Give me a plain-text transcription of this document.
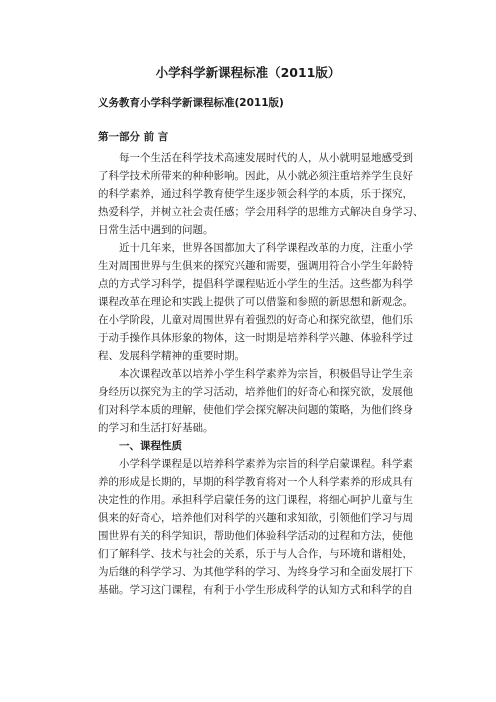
小学科学新课程标准（2011版）
义务教育小学科学新课程标准(2011版)
第一部分 前 言
每一个生活在科学技术高速发展时代的人，从小就明显地感受到
了科学技术所带来的种种影响。因此，从小就必须注重培养学生良好
的科学素养，通过科学教育使学生逐步领会科学的本质，乐于探究，
热爱科学，并树立社会责任感；学会用科学的思维方式解决自身学习、
日常生活中遇到的问题。
近十几年来，世界各国都加大了科学课程改革的力度，注重小学
生对周围世界与生俱来的探究兴趣和需要，强调用符合小学生年龄特
点的方式学习科学，提倡科学课程贴近小学生的生活。这些都为科学
课程改革在理论和实践上提供了可以借鉴和参照的新思想和新观念。
在小学阶段，儿童对周围世界有着强烈的好奇心和探究欲望，他们乐
于动手操作具体形象的物体，这一时期是培养科学兴趣、体验科学过
程、发展科学精神的重要时期。
本次课程改革以培养小学生科学素养为宗旨，积极倡导让学生亲
身经历以探究为主的学习活动，培养他们的好奇心和探究欲，发展他
们对科学本质的理解，使他们学会探究解决问题的策略，为他们终身
的学习和生活打好基础。
一、课程性质
小学科学课程是以培养科学素养为宗旨的科学启蒙课程。科学素
养的形成是长期的，早期的科学教育将对一个人科学素养的形成具有
决定性的作用。承担科学启蒙任务的这门课程，将细心呵护儿童与生
俱来的好奇心，培养他们对科学的兴趣和求知欲，引领他们学习与周
围世界有关的科学知识，帮助他们体验科学活动的过程和方法，使他
们了解科学、技术与社会的关系，乐于与人合作，与环境和谐相处，
为后继的科学学习、为其他学科的学习、为终身学习和全面发展打下
基础。学习这门课程，有利于小学生形成科学的认知方式和科学的自
